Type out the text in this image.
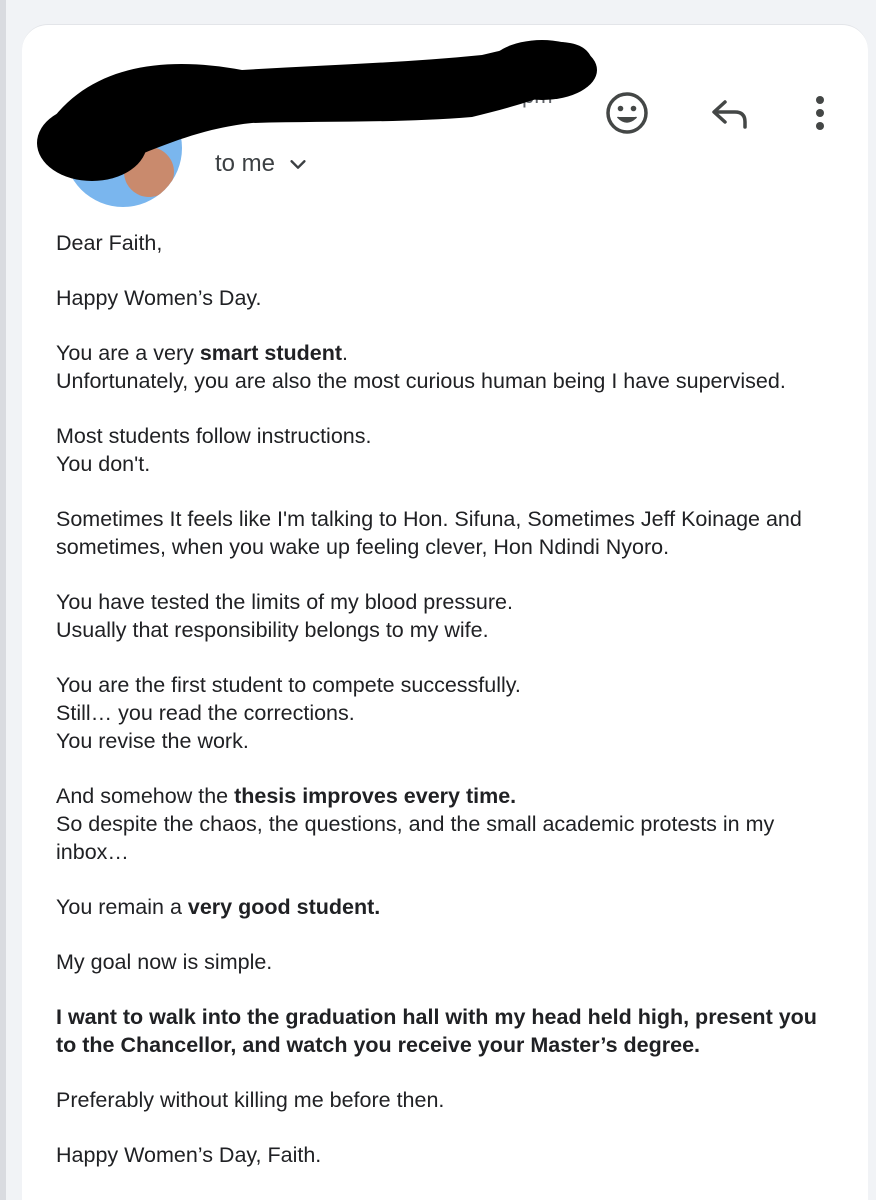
to me

Dear Faith,

Happy Women’s Day.

You are a very smart student.
Unfortunately, you are also the most curious human being I have supervised.

Most students follow instructions.
You don't.

Sometimes It feels like I'm talking to Hon. Sifuna, Sometimes Jeff Koinage and sometimes, when you wake up feeling clever, Hon Ndindi Nyoro.

You have tested the limits of my blood pressure.
Usually that responsibility belongs to my wife.

You are the first student to compete successfully.
Still… you read the corrections.
You revise the work.

And somehow the thesis improves every time.
So despite the chaos, the questions, and the small academic protests in my inbox…

You remain a very good student.

My goal now is simple.

I want to walk into the graduation hall with my head held high, present you to the Chancellor, and watch you receive your Master’s degree.

Preferably without killing me before then.

Happy Women’s Day, Faith.
